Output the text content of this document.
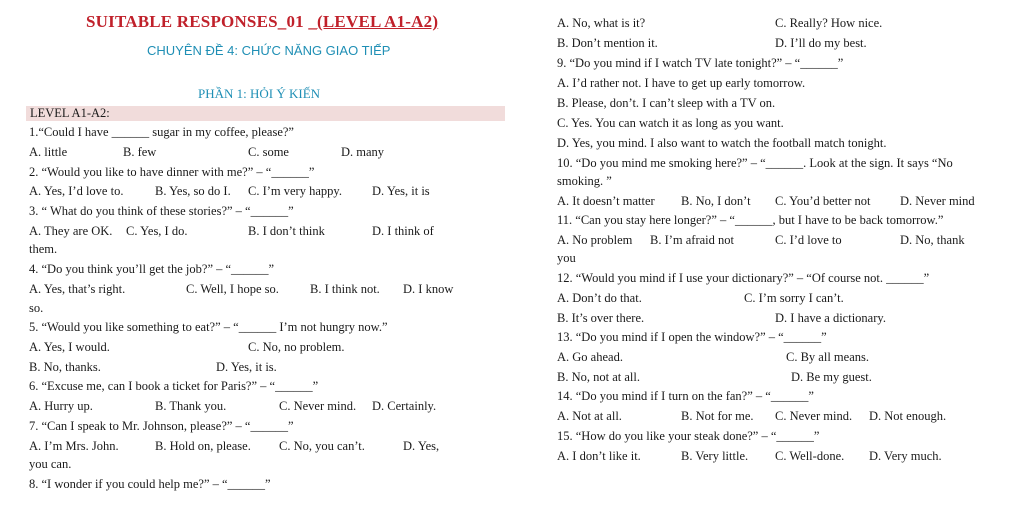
SUITABLE RESPONSES_01 _(LEVEL A1-A2)
CHUYÊN ĐỀ 4: CHỨC NĂNG GIAO TIẾP
PHẦN 1: HỎI Ý KIẾN
LEVEL A1-A2:
1.“Could I have ______ sugar in my coffee, please?”
A. little	B. few	C. some	D. many
2. “Would you like to have dinner with me?” – “______”
A. Yes, I’d love to.	B. Yes, so do I. C. I’m very happy. D. Yes, it is
3. “ What do you think of these stories?” – “______”
A. They are OK. C. Yes, I do.	B. I don’t think	D. I think of
them.
4. “Do you think you’ll get the job?” – “______”
A. Yes, that’s right.	C. Well, I hope so. B. I think not. D. I know
so.
5. “Would you like something to eat?” – “______ I’m not hungry now.”
A. Yes, I would.	C. No, no problem.
B. No, thanks.	D. Yes, it is.
6. “Excuse me, can I book a ticket for Paris?” – “______”
A. Hurry up.	B. Thank you.	C. Never mind. D. Certainly.
7. “Can I speak to Mr. Johnson, please?” – “______”
A. I’m Mrs. John.	B. Hold on, please. C. No, you can’t.	D. Yes,
you can.
8. “I wonder if you could help me?” – “______”
A. No, what is it?	C. Really? How nice.
B. Don’t mention it.	D. I’ll do my best.
9. “Do you mind if I watch TV late tonight?” – “______”
A. I’d rather not. I have to get up early tomorrow.
B. Please, don’t. I can’t sleep with a TV on.
C. Yes. You can watch it as long as you want.
D. Yes, you mind. I also want to watch the football match tonight.
10. “Do you mind me smoking here?” – “______. Look at the sign. It says “No
smoking. ”
A. It doesn’t matter B. No, I don’t C. You’d better not D. Never mind
11. “Can you stay here longer?” – “______, but I have to be back tomorrow.”
A. No problem B. I’m afraid not	C. I’d love to	D. No, thank
you
12. “Would you mind if I use your dictionary?” – “Of course not. ______”
A. Don’t do that.	C. I’m sorry I can’t.
B. It’s over there.	D. I have a dictionary.
13. “Do you mind if I open the window?” – “______”
A. Go ahead.	C. By all means.
B. No, not at all.	D. Be my guest.
14. “Do you mind if I turn on the fan?” – “______”
A. Not at all.	B. Not for me. C. Never mind. D. Not enough.
15. “How do you like your steak done?” – “______”
A. I don’t like it.	B. Very little. C. Well-done. D. Very much.
